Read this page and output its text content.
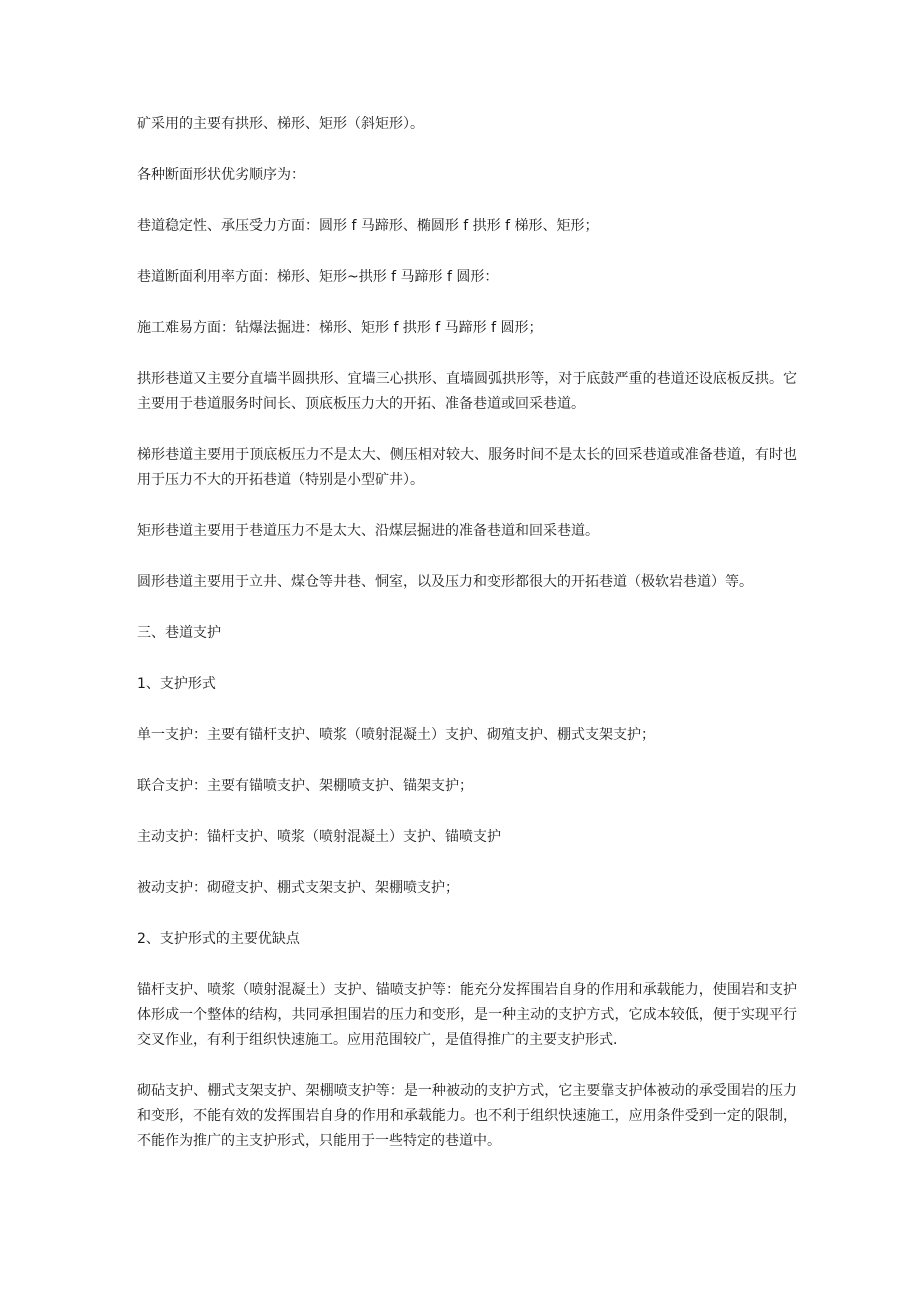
矿采用的主要有拱形、梯形、矩形（斜矩形）。

各种断面形状优劣顺序为：

巷道稳定性、承压受力方面：圆形 f 马蹄形、椭圆形 f 拱形 f 梯形、矩形；

巷道断面利用率方面：梯形、矩形~拱形 f 马蹄形 f 圆形：

施工难易方面：钻爆法掘进：梯形、矩形 f 拱形 f 马蹄形 f 圆形；

拱形巷道又主要分直墙半圆拱形、宜墙三心拱形、直墙圆弧拱形等，对于底鼓严重的巷道还设底板反拱。它主要用于巷道服务时间长、顶底板压力大的开拓、准备巷道或回采巷道。

梯形巷道主要用于顶底板压力不是太大、侧压相对较大、服务时间不是太长的回采巷道或准备巷道，有时也用于压力不大的开拓巷道（特别是小型矿井）。

矩形巷道主要用于巷道压力不是太大、沿煤层掘进的准备巷道和回采巷道。

圆形巷道主要用于立井、煤仓等井巷、恫室，以及压力和变形都很大的开拓巷道（极软岩巷道）等。

三、巷道支护

1、支护形式

单一支护：主要有锚杆支护、喷浆（喷射混凝土）支护、砌殖支护、棚式支架支护；

联合支护：主要有锚喷支护、架棚喷支护、锚架支护；

主动支护：锚杆支护、喷浆（喷射混凝土）支护、锚喷支护

被动支护：砌磴支护、棚式支架支护、架棚喷支护；

2、支护形式的主要优缺点

锚杆支护、喷浆（喷射混凝土）支护、锚喷支护等：能充分发挥围岩自身的作用和承载能力，使围岩和支护体形成一个整体的结构，共同承担围岩的压力和变形，是一种主动的支护方式，它成本较低，便于实现平行交叉作业，有利于组织快速施工。应用范围较广，是值得推广的主要支护形式.

砌砧支护、棚式支架支护、架棚喷支护等：是一种被动的支护方式，它主要靠支护体被动的承受围岩的压力和变形，不能有效的发挥围岩自身的作用和承载能力。也不利于组织快速施工，应用条件受到一定的限制，不能作为推广的主支护形式，只能用于一些特定的巷道中。
